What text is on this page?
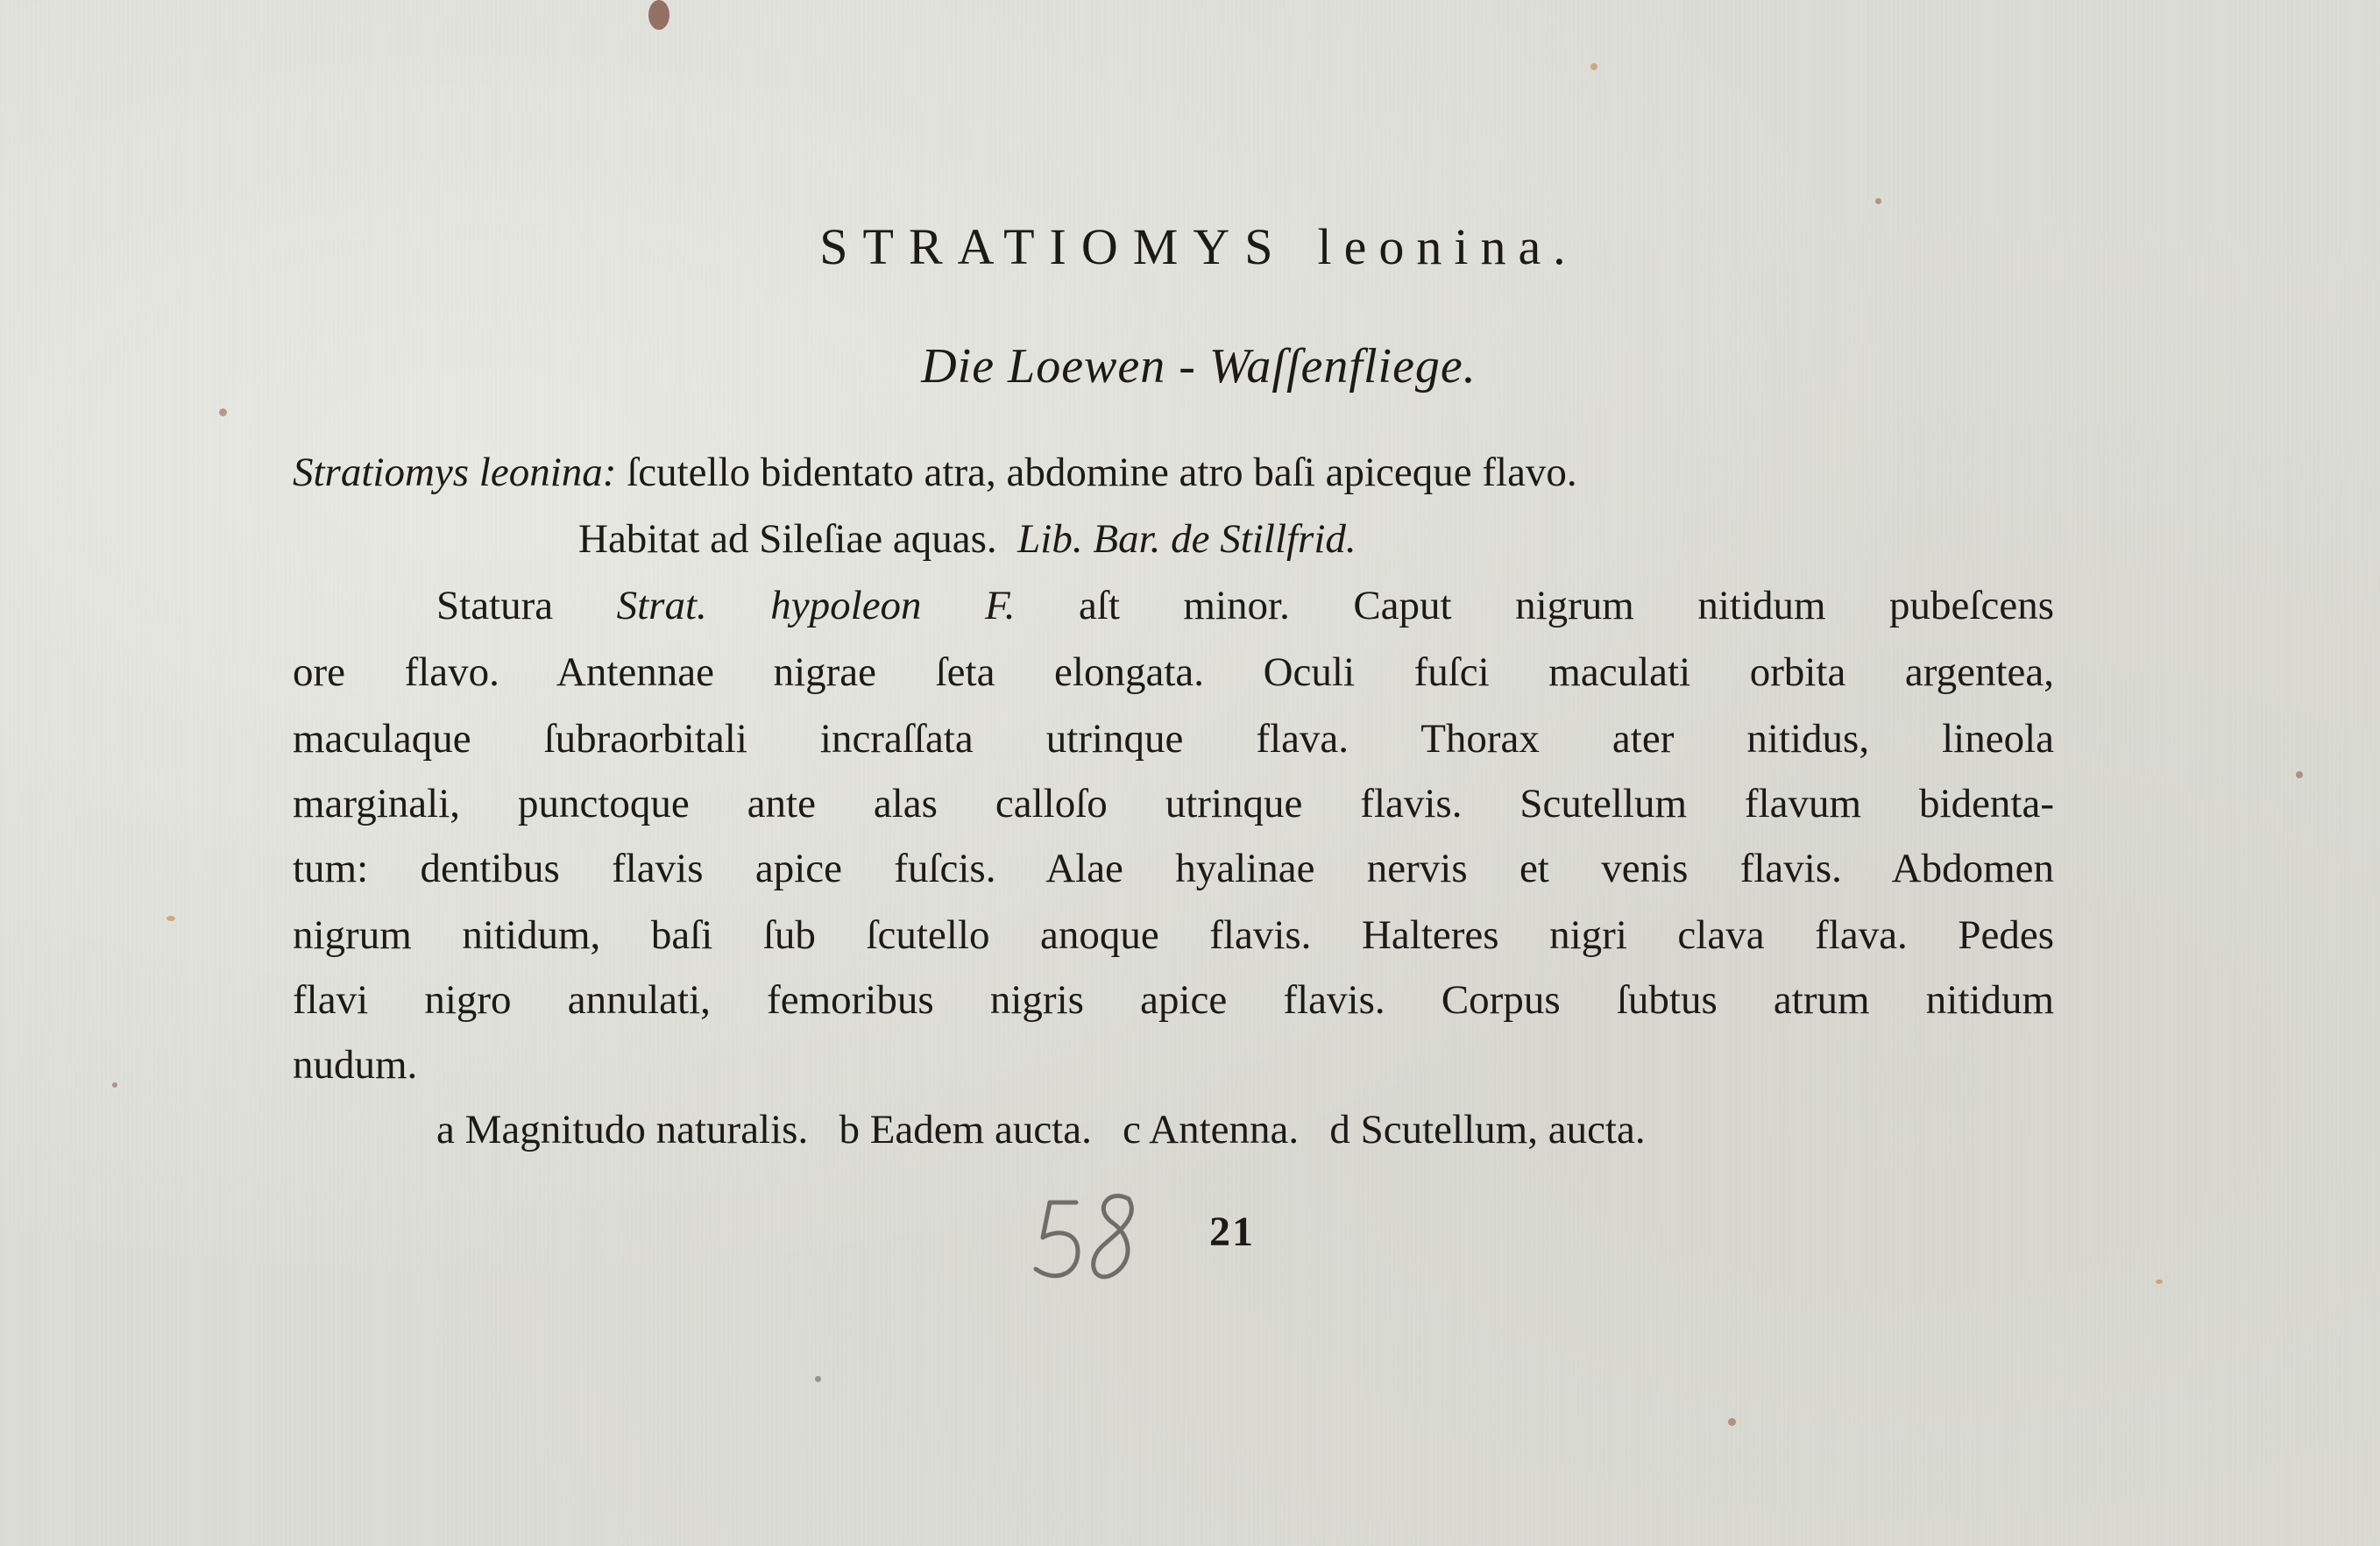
STRATIOMYS leonina.
Die Loewen - Waſſenfliege.
Stratiomys leonina: ſcutello bidentato atra, abdomine atro baſi apiceque flavo.
Habitat ad Sileſiae aquas. Lib. Bar. de Stillfrid.
Statura Strat. hypoleon F. aſt minor. Caput nigrum nitidum pubeſcens
ore flavo. Antennae nigrae ſeta elongata. Oculi fuſci maculati orbita argentea,
maculaque ſubraorbitali incraſſata utrinque flava. Thorax ater nitidus, lineola
marginali, punctoque ante alas calloſo utrinque flavis. Scutellum flavum bidenta-
tum: dentibus flavis apice fuſcis. Alae hyalinae nervis et venis flavis. Abdomen
nigrum nitidum, baſi ſub ſcutello anoque flavis. Halteres nigri clava flava. Pedes
flavi nigro annulati, femoribus nigris apice flavis. Corpus ſubtus atrum nitidum
nudum.
a Magnitudo naturalis. b Eadem aucta. c Antenna. d Scutellum, aucta.
21
